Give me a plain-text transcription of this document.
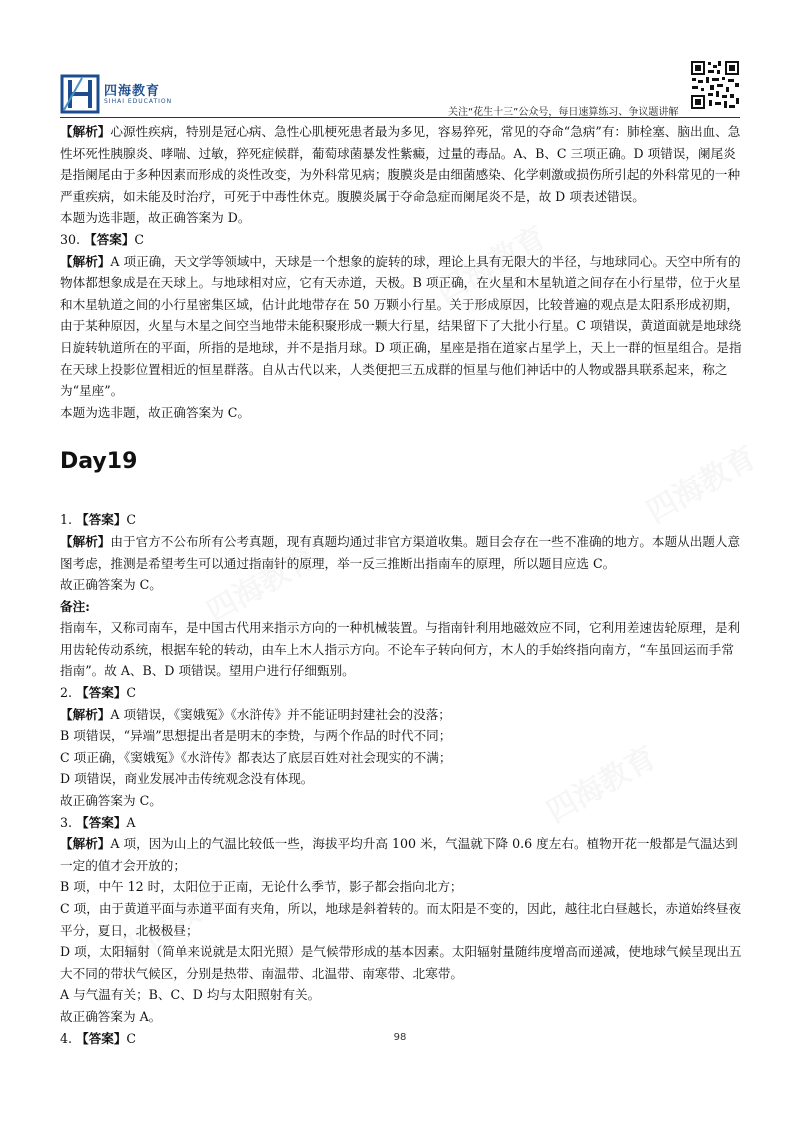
四海教育
SIHAI EDUCATION
关注“花生十三”公众号，每日速算练习、争议题讲解

【解析】心源性疾病，特别是冠心病、急性心肌梗死患者最为多见，容易猝死，常见的夺命“急病”有：肺栓塞、脑出血、急性坏死性胰腺炎、哮喘、过敏，猝死症候群，葡萄球菌暴发性紫癜，过量的毒品。A、B、C 三项正确。D 项错误，阑尾炎是指阑尾由于多种因素而形成的炎性改变，为外科常见病；腹膜炎是由细菌感染、化学刺激或损伤所引起的外科常见的一种严重疾病，如未能及时治疗，可死于中毒性休克。腹膜炎属于夺命急症而阑尾炎不是，故 D 项表述错误。

本题为选非题，故正确答案为 D。

30. 【答案】C

【解析】A 项正确，天文学等领域中，天球是一个想象的旋转的球，理论上具有无限大的半径，与地球同心。天空中所有的物体都想象成是在天球上。与地球相对应，它有天赤道，天极。B 项正确，在火星和木星轨道之间存在小行星带，位于火星和木星轨道之间的小行星密集区域，估计此地带存在 50 万颗小行星。关于形成原因，比较普遍的观点是太阳系形成初期，由于某种原因，火星与木星之间空当地带未能积聚形成一颗大行星，结果留下了大批小行星。C 项错误，黄道面就是地球绕日旋转轨道所在的平面，所指的是地球，并不是指月球。D 项正确，星座是指在道家占星学上，天上一群的恒星组合。是指在天球上投影位置相近的恒星群落。自从古代以来，人类便把三五成群的恒星与他们神话中的人物或器具联系起来，称之为“星座”。

本题为选非题，故正确答案为 C。

Day19

1. 【答案】C

【解析】由于官方不公布所有公考真题，现有真题均通过非官方渠道收集。题目会存在一些不准确的地方。本题从出题人意图考虑，推测是希望考生可以通过指南针的原理，举一反三推断出指南车的原理，所以题目应选 C。

故正确答案为 C。

备注:

指南车，又称司南车，是中国古代用来指示方向的一种机械装置。与指南针利用地磁效应不同，它利用差速齿轮原理，是利用齿轮传动系统，根据车轮的转动，由车上木人指示方向。不论车子转向何方，木人的手始终指向南方，“车虽回运而手常指南”。故 A、B、D 项错误。望用户进行仔细甄别。

2. 【答案】C

【解析】A 项错误，《窦娥冤》《水浒传》并不能证明封建社会的没落；

B 项错误，“异端”思想提出者是明末的李贽，与两个作品的时代不同；

C 项正确，《窦娥冤》《水浒传》都表达了底层百姓对社会现实的不满；

D 项错误，商业发展冲击传统观念没有体现。

故正确答案为 C。

3. 【答案】A

【解析】A 项，因为山上的气温比较低一些，海拔平均升高 100 米，气温就下降 0.6 度左右。植物开花一般都是气温达到一定的值才会开放的；

B 项，中午 12 时，太阳位于正南，无论什么季节，影子都会指向北方；

C 项，由于黄道平面与赤道平面有夹角，所以，地球是斜着转的。而太阳是不变的，因此，越往北白昼越长，赤道始终昼夜平分，夏日，北极极昼；

D 项，太阳辐射（简单来说就是太阳光照）是气候带形成的基本因素。太阳辐射量随纬度增高而递减，使地球气候呈现出五大不同的带状气候区，分别是热带、南温带、北温带、南寒带、北寒带。

A 与气温有关；B、C、D 均与太阳照射有关。

故正确答案为 A。

4. 【答案】C	98
